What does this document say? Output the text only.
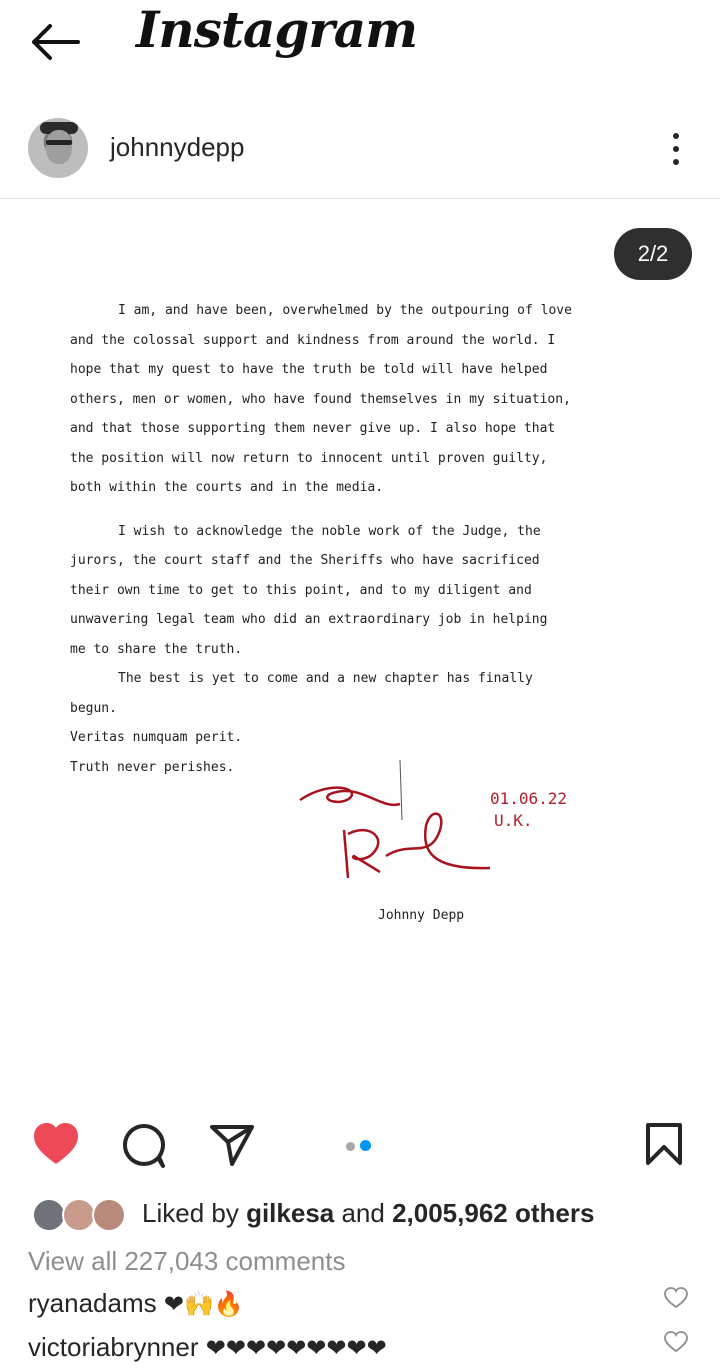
Instagram
johnnydepp
2/2

I am, and have been, overwhelmed by the outpouring of love
and the colossal support and kindness from around the world. I
hope that my quest to have the truth be told will have helped
others, men or women, who have found themselves in my situation,
and that those supporting them never give up. I also hope that
the position will now return to innocent until proven guilty,
both within the courts and in the media.

I wish to acknowledge the noble work of the Judge, the
jurors, the court staff and the Sheriffs who have sacrificed
their own time to get to this point, and to my diligent and
unwavering legal team who did an extraordinary job in helping
me to share the truth.

The best is yet to come and a new chapter has finally
begun.

Veritas numquam perit.

Truth never perishes.

01.06.22
U.K.
Johnny Depp
Liked by gilkesa and 2,005,962 others
View all 227,043 comments
ryanadams ❤🙌🔥
victoriabrynner ❤❤❤❤❤❤❤❤❤
